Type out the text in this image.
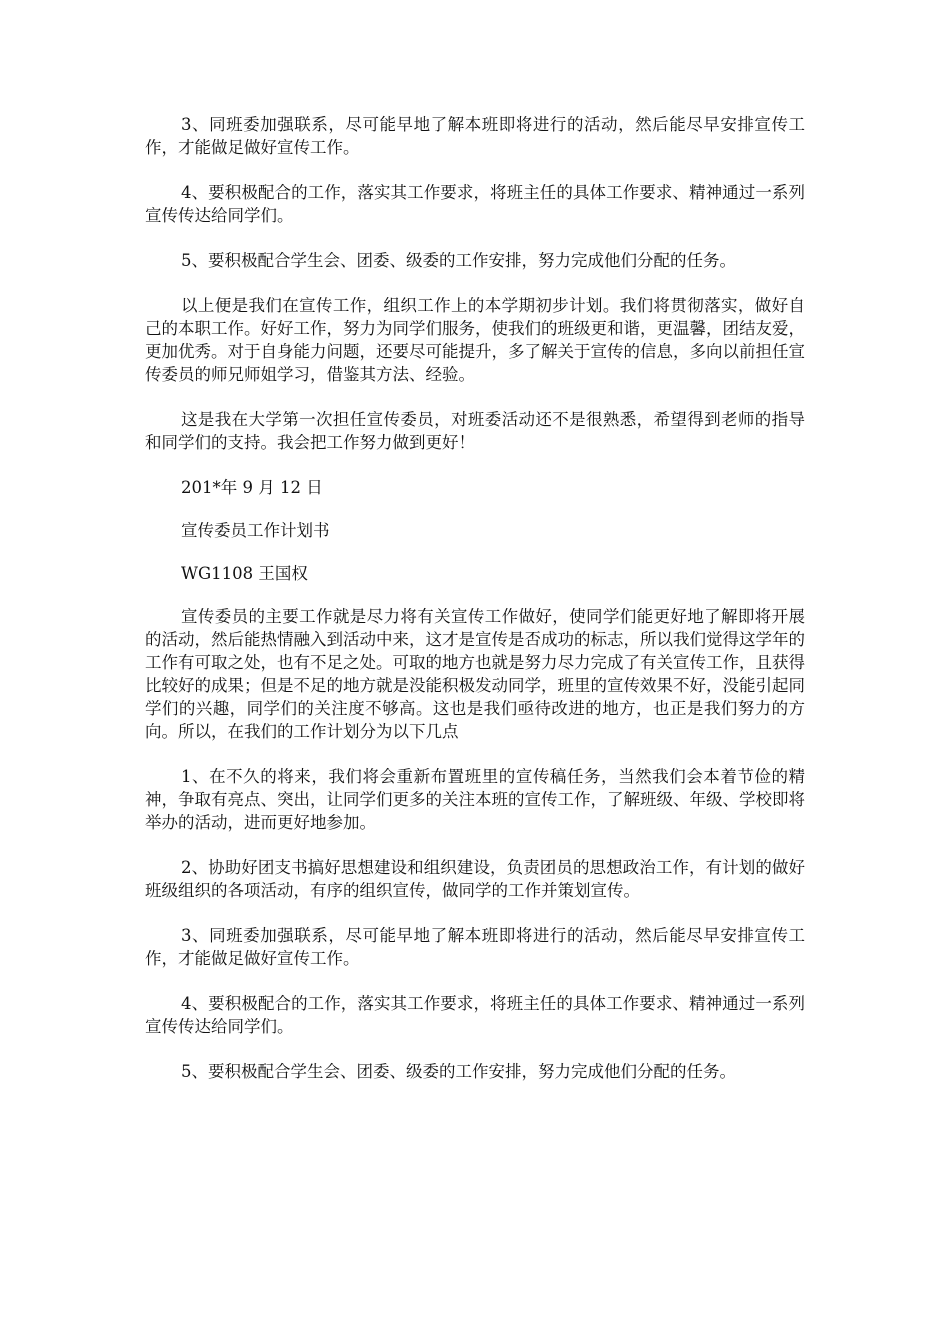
3、同班委加强联系，尽可能早地了解本班即将进行的活动，然后能尽早安排宣传工作，才能做足做好宣传工作。

4、要积极配合的工作，落实其工作要求，将班主任的具体工作要求、精神通过一系列宣传传达给同学们。

5、要积极配合学生会、团委、级委的工作安排，努力完成他们分配的任务。

以上便是我们在宣传工作，组织工作上的本学期初步计划。我们将贯彻落实，做好自己的本职工作。好好工作，努力为同学们服务，使我们的班级更和谐，更温馨，团结友爱，更加优秀。对于自身能力问题，还要尽可能提升，多了解关于宣传的信息，多向以前担任宣传委员的师兄师姐学习，借鉴其方法、经验。

这是我在大学第一次担任宣传委员，对班委活动还不是很熟悉，希望得到老师的指导和同学们的支持。我会把工作努力做到更好！

201*年 9 月 12 日

宣传委员工作计划书

WG1108 王国权

宣传委员的主要工作就是尽力将有关宣传工作做好，使同学们能更好地了解即将开展的活动，然后能热情融入到活动中来，这才是宣传是否成功的标志，所以我们觉得这学年的工作有可取之处，也有不足之处。可取的地方也就是努力尽力完成了有关宣传工作，且获得比较好的成果；但是不足的地方就是没能积极发动同学，班里的宣传效果不好，没能引起同学们的兴趣，同学们的关注度不够高。这也是我们亟待改进的地方，也正是我们努力的方向。所以，在我们的工作计划分为以下几点

1、在不久的将来，我们将会重新布置班里的宣传稿任务，当然我们会本着节俭的精神，争取有亮点、突出，让同学们更多的关注本班的宣传工作，了解班级、年级、学校即将举办的活动，进而更好地参加。

2、协助好团支书搞好思想建设和组织建设，负责团员的思想政治工作，有计划的做好班级组织的各项活动，有序的组织宣传，做同学的工作并策划宣传。

3、同班委加强联系，尽可能早地了解本班即将进行的活动，然后能尽早安排宣传工作，才能做足做好宣传工作。

4、要积极配合的工作，落实其工作要求，将班主任的具体工作要求、精神通过一系列宣传传达给同学们。

5、要积极配合学生会、团委、级委的工作安排，努力完成他们分配的任务。
